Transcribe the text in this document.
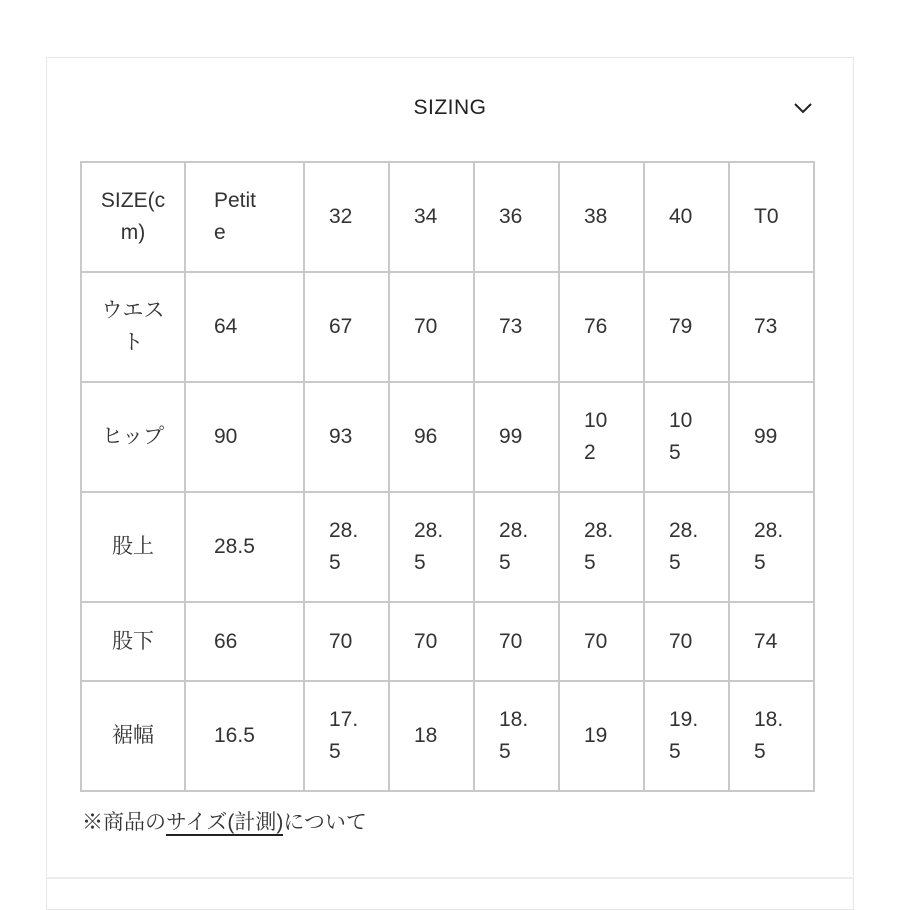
SIZING
SIZE(cm)	Petite	32	34	36	38	40	T0

ウエスト	64	67	70	73	76	79	73

ヒップ	90	93	96	99	102	105	99

股上	28.5	28.5	28.5	28.5	28.5	28.5	28.5

股下	66	70	70	70	70	70	74

裾幅	16.5	17.5	18	18.5	19	19.5	18.5
※商品のサイズ(計測)について
